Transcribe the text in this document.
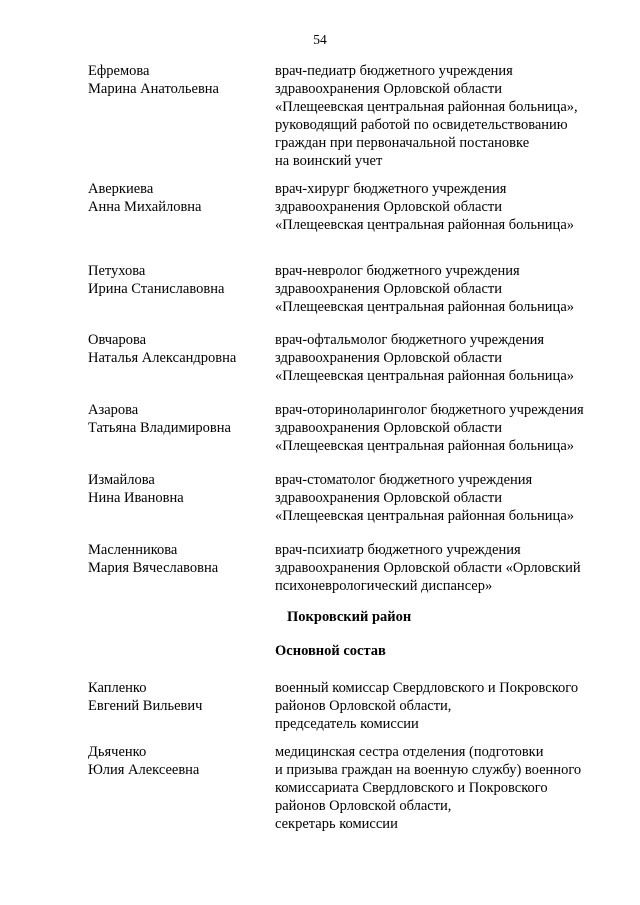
54
Ефремова
Марина Анатольевна
врач-педиатр бюджетного учреждения
здравоохранения Орловской области
«Плещеевская центральная районная больница»,
руководящий работой по освидетельствованию
граждан при первоначальной постановке
на воинский учет
Аверкиева
Анна Михайловна
врач-хирург бюджетного учреждения
здравоохранения Орловской области
«Плещеевская центральная районная больница»
Петухова
Ирина Станиславовна
врач-невролог бюджетного учреждения
здравоохранения Орловской области
«Плещеевская центральная районная больница»
Овчарова
Наталья Александровна
врач-офтальмолог бюджетного учреждения
здравоохранения Орловской области
«Плещеевская центральная районная больница»
Азарова
Татьяна Владимировна
врач-оториноларинголог бюджетного учреждения
здравоохранения Орловской области
«Плещеевская центральная районная больница»
Измайлова
Нина Ивановна
врач-стоматолог бюджетного учреждения
здравоохранения Орловской области
«Плещеевская центральная районная больница»
Масленникова
Мария Вячеславовна
врач-психиатр бюджетного учреждения
здравоохранения Орловской области «Орловский
психоневрологический диспансер»
Покровский район
Основной состав
Капленко
Евгений Вильевич
военный комиссар Свердловского и Покровского
районов Орловской области,
председатель комиссии
Дьяченко
Юлия Алексеевна
медицинская сестра отделения (подготовки
и призыва граждан на военную службу) военного
комиссариата Свердловского и Покровского
районов Орловской области,
секретарь комиссии
